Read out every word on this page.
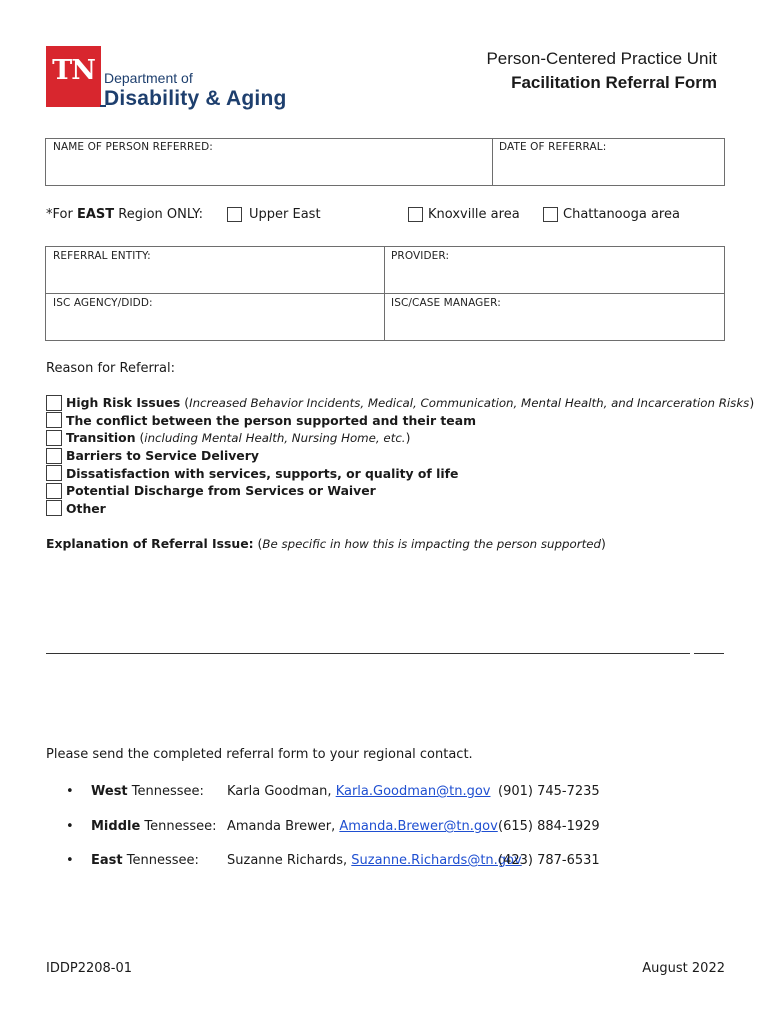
TN Department of
Disability & Aging
Person-Centered Practice Unit
Facilitation Referral Form
NAME OF PERSON REFERRED:	DATE OF REFERRAL:
*For EAST Region ONLY:	Upper East	Knoxville area	Chattanooga area
REFERRAL ENTITY:	PROVIDER:
ISC AGENCY/DIDD:	ISC/CASE MANAGER:
Reason for Referral:
High Risk Issues ( Increased Behavior Incidents, Medical, Communication, Mental Health, and Incarceration Risks )
The conflict between the person supported and their team
Transition ( including Mental Health, Nursing Home, etc. )
Barriers to Service Delivery
Dissatisfaction with services, supports, or quality of life
Potential Discharge from Services or Waiver
Other
Explanation of Referral Issue: (Be specific in how this is impacting the person supported)
Please send the completed referral form to your regional contact.
• West Tennessee: Karla Goodman, Karla.Goodman@tn.gov (901) 745-7235
• Middle Tennessee: Amanda Brewer, Amanda.Brewer@tn.gov (615) 884-1929
• East Tennessee: Suzanne Richards, Suzanne.Richards@tn.gov
(423) 787-6531
IDDP2208-01	August 2022
